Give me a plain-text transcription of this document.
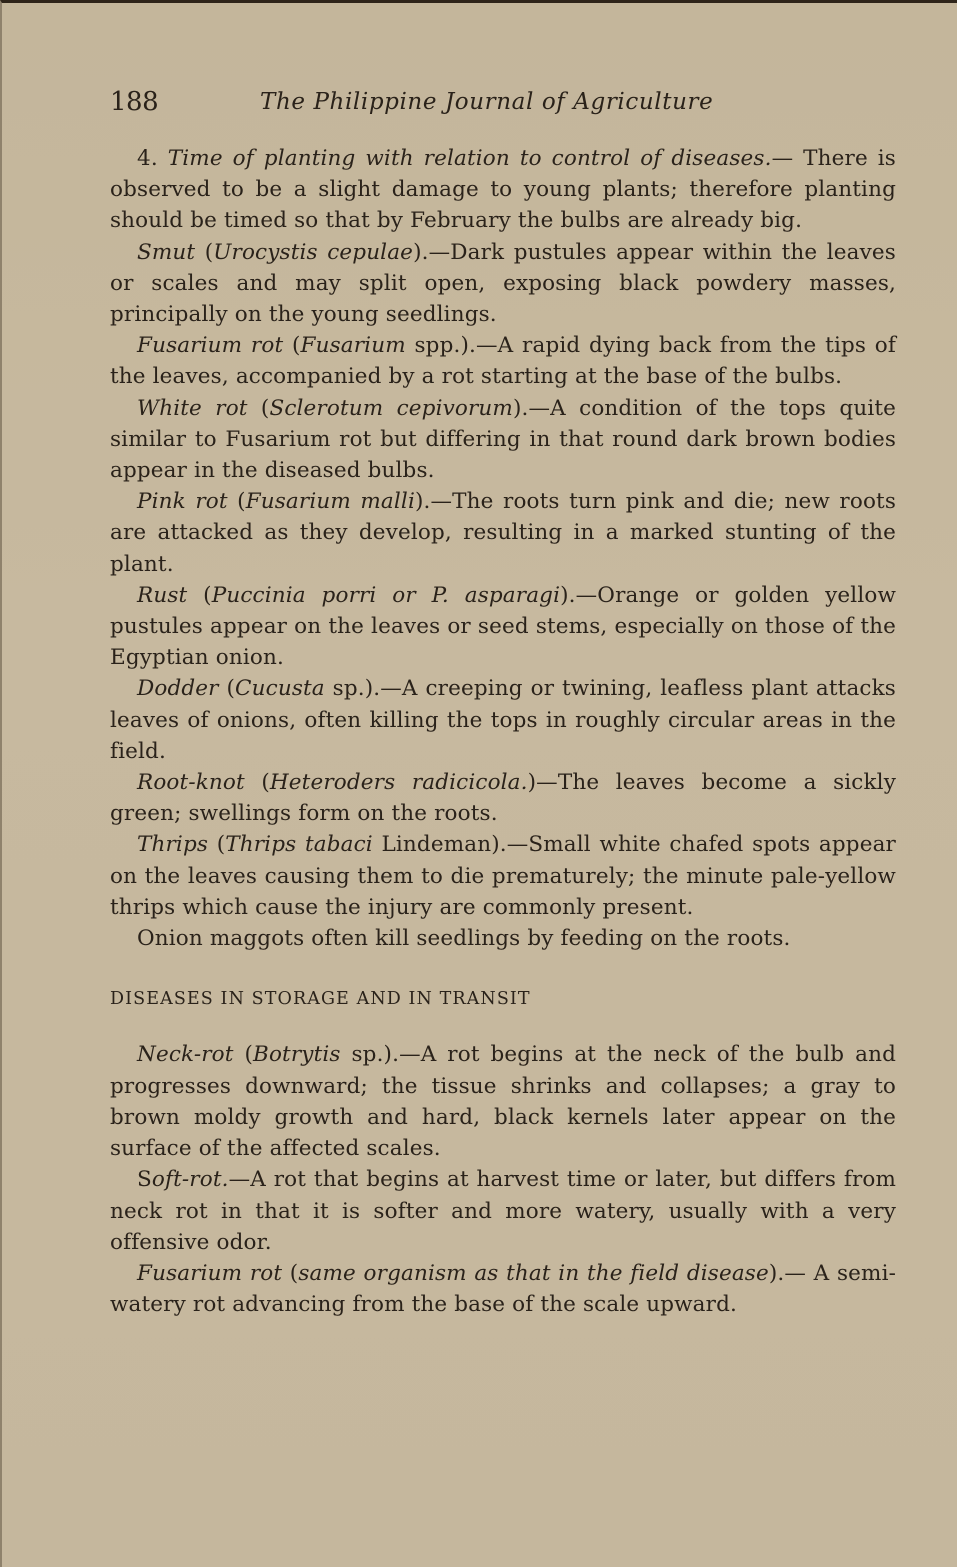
188	The Philippine Journal of Agriculture

4. Time of planting with relation to control of diseases.— There is observed to be a slight damage to young plants; therefore planting should be timed so that by February the bulbs are already big.

Smut (Urocystis cepulae).—Dark pustules appear within the leaves or scales and may split open, exposing black powdery masses, principally on the young seedlings.

Fusarium rot (Fusarium spp.).—A rapid dying back from the tips of the leaves, accompanied by a rot starting at the base of the bulbs.

White rot (Sclerotum cepivorum).—A condition of the tops quite similar to Fusarium rot but differing in that round dark brown bodies appear in the diseased bulbs.

Pink rot (Fusarium malli).—The roots turn pink and die; new roots are attacked as they develop, resulting in a marked stunting of the plant.

Rust (Puccinia porri or P. asparagi).—Orange or golden yellow pustules appear on the leaves or seed stems, especially on those of the Egyptian onion.

Dodder (Cucusta sp.).—A creeping or twining, leafless plant attacks leaves of onions, often killing the tops in roughly circular areas in the field.

Root-knot (Heteroders radicicola.)—The leaves become a sickly green; swellings form on the roots.

Thrips (Thrips tabaci Lindeman).—Small white chafed spots appear on the leaves causing them to die prematurely; the minute pale-yellow thrips which cause the injury are commonly present.

Onion maggots often kill seedlings by feeding on the roots.

DISEASES IN STORAGE AND IN TRANSIT

Neck-rot (Botrytis sp.).—A rot begins at the neck of the bulb and progresses downward; the tissue shrinks and collapses; a gray to brown moldy growth and hard, black kernels later appear on the surface of the affected scales.

Soft-rot.—A rot that begins at harvest time or later, but differs from neck rot in that it is softer and more watery, usually with a very offensive odor.

Fusarium rot (same organism as that in the field disease).— A semi-watery rot advancing from the base of the scale upward.
